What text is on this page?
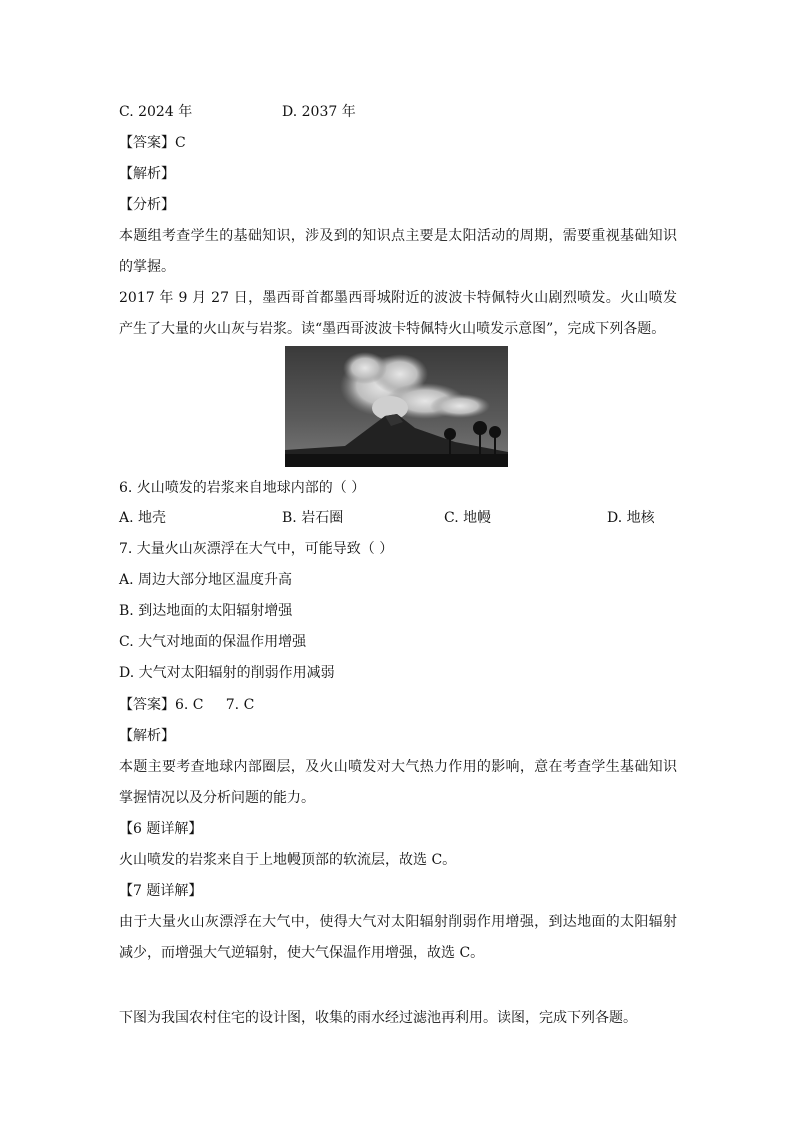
C. 2024 年	D. 2037 年
【答案】C
【解析】
【分析】
本题组考查学生的基础知识，涉及到的知识点主要是太阳活动的周期，需要重视基础知识的掌握。
2017 年 9 月 27 日，墨西哥首都墨西哥城附近的波波卡特佩特火山剧烈喷发。火山喷发产生了大量的火山灰与岩浆。读“墨西哥波波卡特佩特火山喷发示意图”，完成下列各题。
6. 火山喷发的岩浆来自地球内部的（ ）
A. 地壳	B. 岩石圈	C. 地幔	D. 地核
7. 大量火山灰漂浮在大气中，可能导致（ ）
A. 周边大部分地区温度升高
B. 到达地面的太阳辐射增强
C. 大气对地面的保温作用增强
D. 大气对太阳辐射的削弱作用减弱
【答案】6. C     7. C
【解析】
本题主要考查地球内部圈层，及火山喷发对大气热力作用的影响，意在考查学生基础知识掌握情况以及分析问题的能力。
【6 题详解】
火山喷发的岩浆来自于上地幔顶部的软流层，故选 C。
【7 题详解】
由于大量火山灰漂浮在大气中，使得大气对太阳辐射削弱作用增强，到达地面的太阳辐射减少，而增强大气逆辐射，使大气保温作用增强，故选 C。
下图为我国农村住宅的设计图，收集的雨水经过滤池再利用。读图，完成下列各题。
